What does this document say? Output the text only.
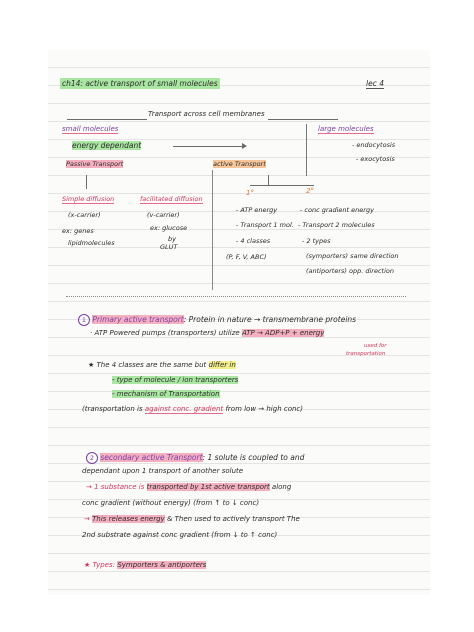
ch14: active transport of small molecules	lec 4
Transport across cell membranes
small molecules	large molecules
- endocytosis
- exocytosis
energy dependant
Passive Transport	active Transport
Simple diffusion	facilitated diffusion
(x-carrier)	(v-carrier)
ex: genes
lipidmolecules
ex: glucose
by
GLUT
1°	2°
- ATP energy
- Transport 1 mol.
- 4 classes
(P, F, V, ABC)
- conc gradient energy
- Transport 2 molecules
- 2 types
(symporters) same direction
(antiporters) opp. direction
1 Primary active transport: Protein in nature → transmembrane proteins
· ATP Powered pumps (transporters) utilize ATP → ADP+P + energy
used for
transportation
★ The 4 classes are the same but differ in
- type of molecule / ion transporters
- mechanism of Transportation
(transportation is against conc. gradient from low → high conc)
2 secondary active Transport: 1 solute is coupled to and
dependant upon 1 transport of another solute
→ 1 substance is transported by 1st active transport along
conc gradient (without energy) (from ↑ to ↓ conc)
→ This releases energy & Then used to actively transport The
2nd substrate against conc gradient (from ↓ to ↑ conc)
★ Types: Symporters & antiporters
